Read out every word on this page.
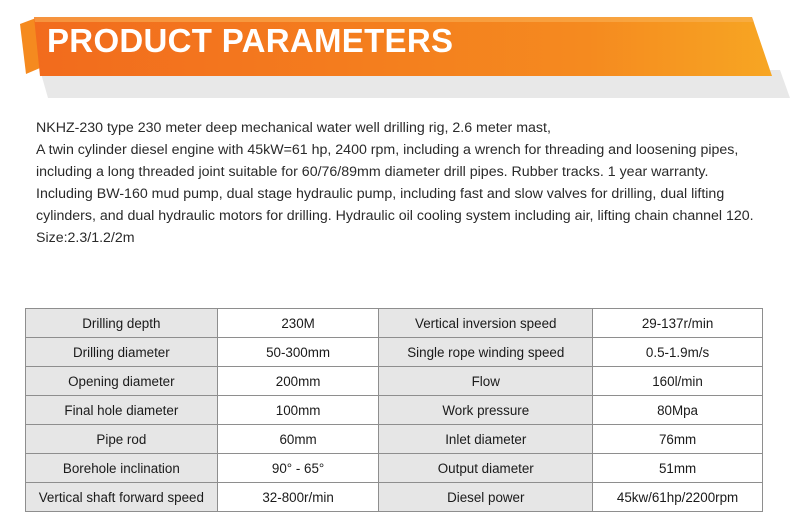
PRODUCT PARAMETERS

NKHZ-230 type 230 meter deep mechanical water well drilling rig, 2.6 meter mast,

A twin cylinder diesel engine with 45kW=61 hp, 2400 rpm, including a wrench for threading and loosening pipes, including a long threaded joint suitable for 60/76/89mm diameter drill pipes. Rubber tracks. 1 year warranty. Including BW-160 mud pump, dual stage hydraulic pump, including fast and slow valves for drilling, dual lifting cylinders, and dual hydraulic motors for drilling. Hydraulic oil cooling system including air, lifting chain channel 120.

Size:2.3/1.2/2m

Drilling depth	230M	Vertical inversion speed	29-137r/min
Drilling diameter	50-300mm	Single rope winding speed	0.5-1.9m/s
Opening diameter	200mm	Flow	160l/min
Final hole diameter	100mm	Work pressure	80Mpa
Pipe rod	60mm	Inlet diameter	76mm
Borehole inclination	90° - 65°	Output diameter	51mm
Vertical shaft forward speed	32-800r/min	Diesel power	45kw/61hp/2200rpm
